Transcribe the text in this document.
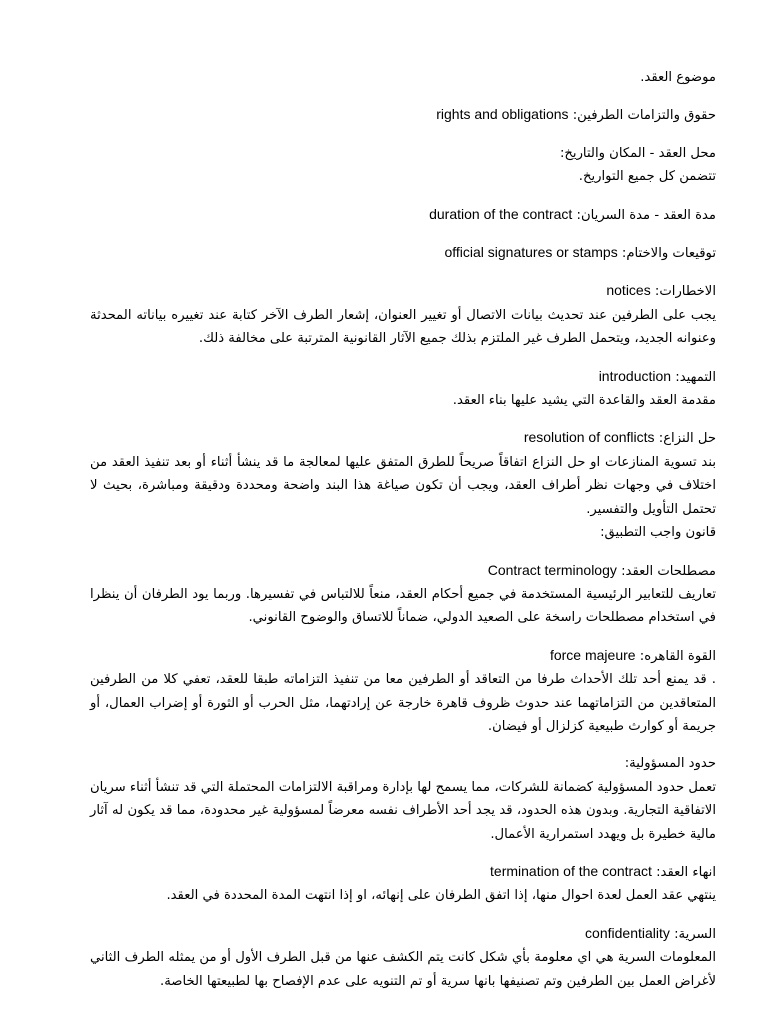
موضوع العقد.
حقوق والتزامات الطرفين: rights and obligations
محل العقد - المكان والتاريخ:
تتضمن كل جميع التواريخ.
مدة العقد - مدة السريان: duration of the contract
توقيعات والاختام: official signatures or stamps
الاخطارات: notices
يجب على الطرفين عند تحديث بيانات الاتصال أو تغيير العنوان، إشعار الطرف الآخر كتابة عند تغييره بياناته المحدثة وعنوانه الجديد، ويتحمل الطرف غير الملتزم بذلك جميع الآثار القانونية المترتبة على مخالفة ذلك.
التمهيد: introduction
مقدمة العقد والقاعدة التي يشيد عليها بناء العقد.
حل النزاع: resolution of conflicts
بند تسوية المنازعات او حل النزاع اتفاقاً صريحاً للطرق المتفق عليها لمعالجة ما قد ينشأ أثناء أو بعد تنفيذ العقد من اختلاف في وجهات نظر أطراف العقد، ويجب أن تكون صياغة هذا البند واضحة ومحددة ودقيقة ومباشرة، بحيث لا تحتمل التأويل والتفسير.
قانون واجب التطبيق:
مصطلحات العقد: Contract terminology
تعاريف للتعابير الرئيسية المستخدمة في جميع أحكام العقد، منعاً للالتباس في تفسيرها. وربما يود الطرفان أن ينظرا في استخدام مصطلحات راسخة على الصعيد الدولي، ضماناً للاتساق والوضوح القانوني.
القوة القاهره: force majeure
. قد يمنع أحد تلك الأحداث طرفا من التعاقد أو الطرفين معا من تنفيذ التزاماته طبقا للعقد، تعفي كلا من الطرفين المتعاقدين من التزاماتهما عند حدوث ظروف قاهرة خارجة عن إرادتهما، مثل الحرب أو الثورة أو إضراب العمال، أو جريمة أو كوارث طبيعية كزلزال أو فيضان.
حدود المسؤولية:
تعمل حدود المسؤولية كضمانة للشركات، مما يسمح لها بإدارة ومراقبة الالتزامات المحتملة التي قد تنشأ أثناء سريان الاتفاقية التجارية. وبدون هذه الحدود، قد يجد أحد الأطراف نفسه معرضاً لمسؤولية غير محدودة، مما قد يكون له آثار مالية خطيرة بل ويهدد استمرارية الأعمال.
انهاء العقد: termination of the contract
ينتهي عقد العمل لعدة احوال منها، إذا اتفق الطرفان على إنهائه، او إذا انتهت المدة المحددة في العقد.
السرية: confidentiality
المعلومات السرية هي اي معلومة بأي شكل كانت يتم الكشف عنها من قبل الطرف الأول أو من يمثله الطرف الثاني لأغراض العمل بين الطرفين وتم تصنيفها بانها سرية أو تم التنويه على عدم الإفصاح بها لطبيعتها الخاصة.
